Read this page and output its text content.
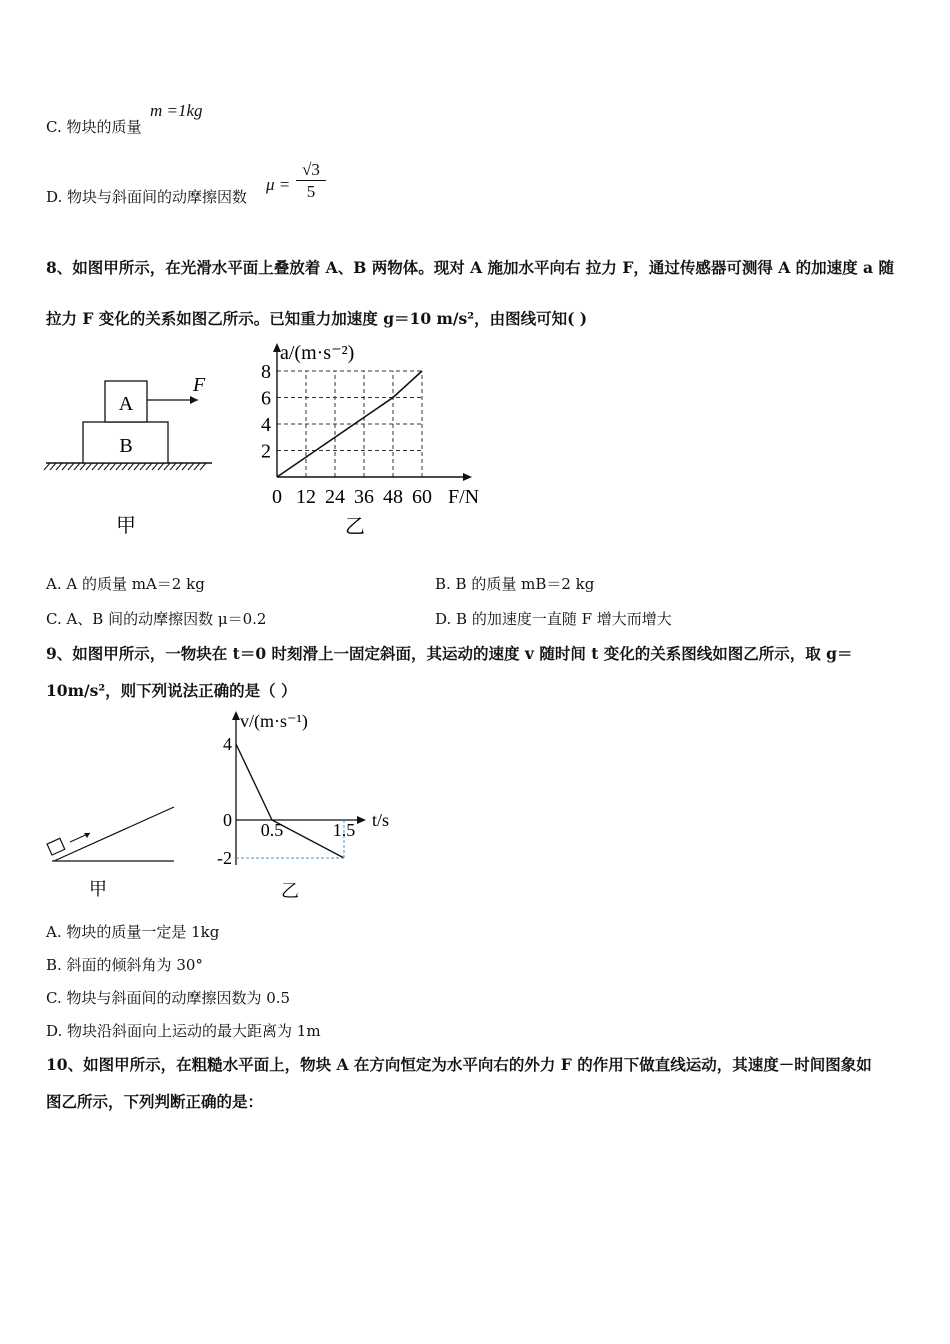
C. 物块的质量
m =1kg
D. 物块与斜面间的动摩擦因数
$\mu = \frac{√3}{5}$
8、如图甲所示，在光滑水平面上叠放着 A、B 两物体。现对 A 施加水平向右 拉力 F，通过传感器可测得 A 的加速度 a 随
拉力 F 变化的关系如图乙所示。已知重力加速度 g＝10 m/s²，由图线可知( )
A
B
F
甲
a/(m·s⁻²)
F/N
乙
0 12 24 36 48 60
2
4
6
8
A. A 的质量 mA＝2 kg	B. B 的质量 mB＝2 kg
C. A、B 间的动摩擦因数 μ＝0.2	D. B 的加速度一直随 F 增大而增大
9、如图甲所示，一物块在 t＝0 时刻滑上一固定斜面，其运动的速度 v 随时间 t 变化的关系图线如图乙所示，取 g＝
10m/s²，则下列说法正确的是（ ）
甲
v/(m·s⁻¹)
t/s
乙
4
0
-2
0.5	1.5
A. 物块的质量一定是 1kg
B. 斜面的倾斜角为 30°
C. 物块与斜面间的动摩擦因数为 0.5
D. 物块沿斜面向上运动的最大距离为 1m
10、如图甲所示，在粗糙水平面上，物块 A 在方向恒定为水平向右的外力 F 的作用下做直线运动，其速度－时间图象如
图乙所示，下列判断正确的是：
